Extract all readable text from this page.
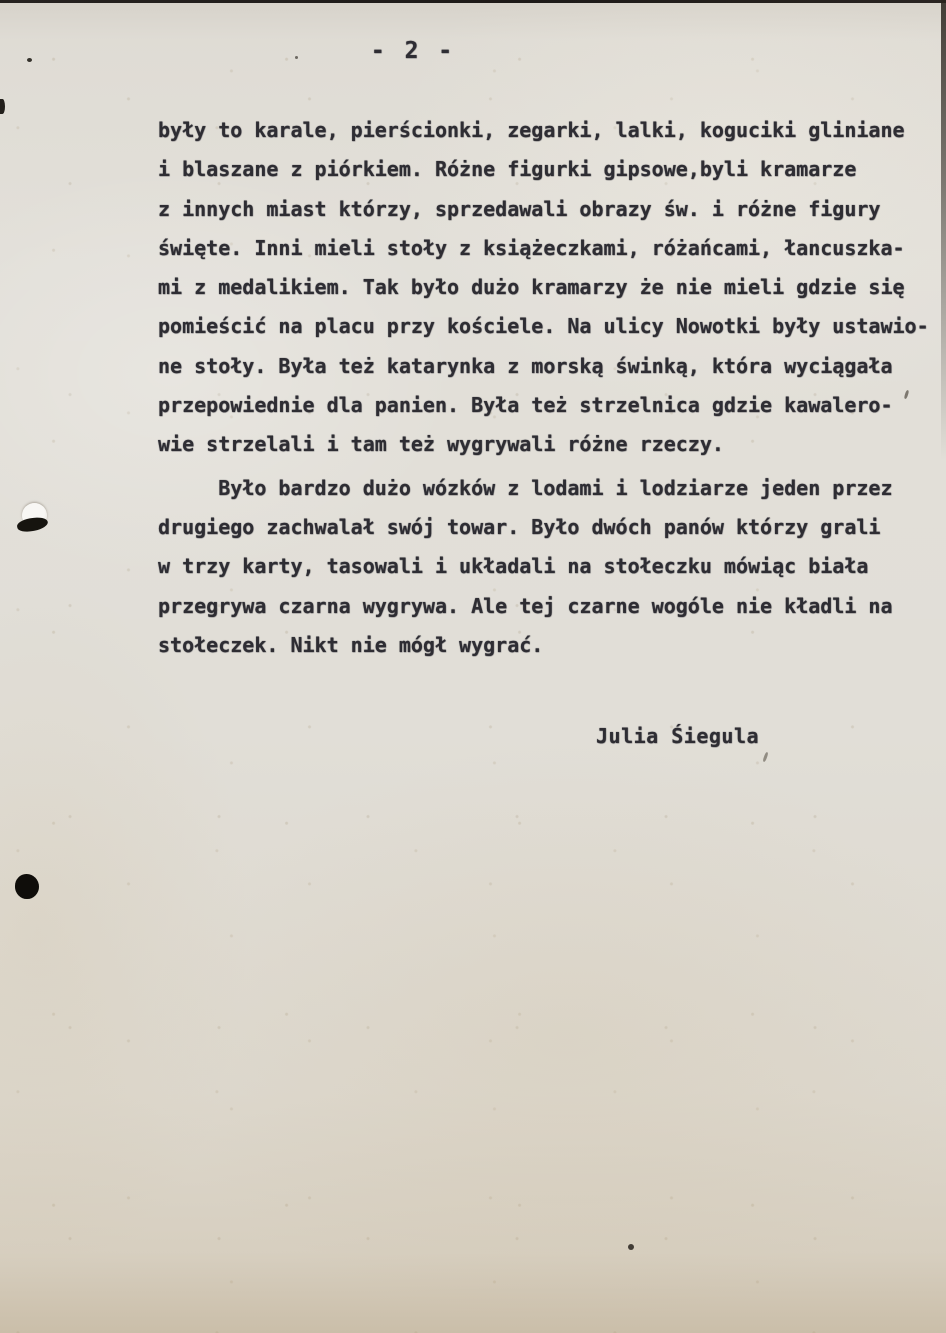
- 2 -
były to karale, pierścionki, zegarki, lalki, koguciki gliniane
i blaszane z piórkiem. Różne figurki gipsowe,byli kramarze
z innych miast którzy, sprzedawali obrazy św. i różne figury
święte. Inni mieli stoły z książeczkami, różańcami, łancuszka-
mi z medalikiem. Tak było dużo kramarzy że nie mieli gdzie się
pomieścić na placu przy kościele. Na ulicy Nowotki były ustawio-
ne stoły. Była też katarynka z morską świnką, która wyciągała
przepowiednie dla panien. Była też strzelnica gdzie kawalero-
wie strzelali i tam też wygrywali różne rzeczy.
Było bardzo dużo wózków z lodami i lodziarze jeden przez
drugiego zachwalał swój towar. Było dwóch panów którzy grali
w trzy karty, tasowali i układali na stołeczku mówiąc biała
przegrywa czarna wygrywa. Ale tej czarne wogóle nie kładli na
stołeczek. Nikt nie mógł wygrać.
Julia Śiegula
